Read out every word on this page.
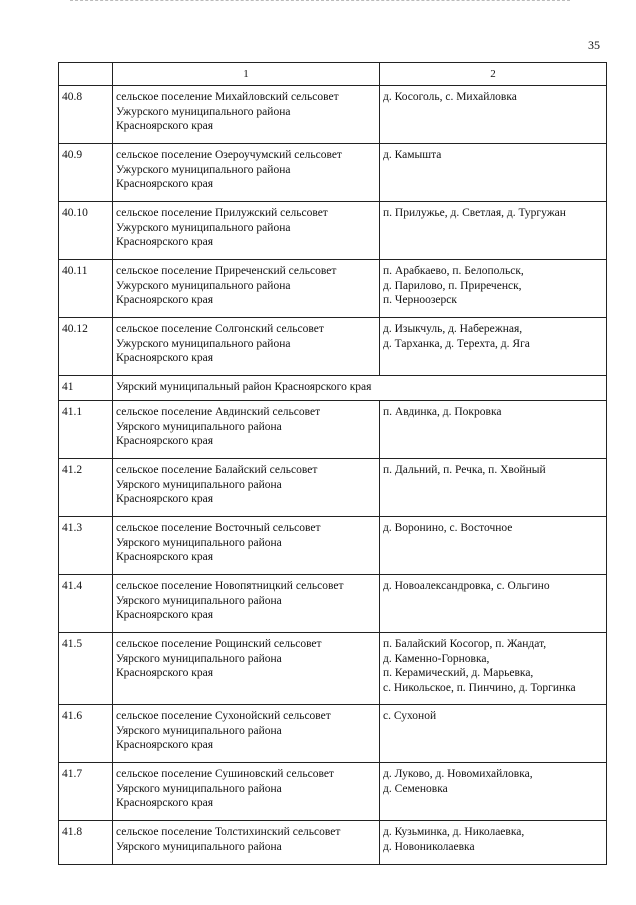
35
	1	2
40.8	сельское поселение Михайловский сельсовет
Ужурского муниципального района
Красноярского края	д. Косоголь, с. Михайловка

40.9	сельское поселение Озероучумский сельсовет
Ужурского муниципального района
Красноярского края	д. Камышта

40.10	сельское поселение Прилужский сельсовет
Ужурского муниципального района
Красноярского края	п. Прилужье, д. Светлая, д. Тургужан

40.11	сельское поселение Приреченский сельсовет
Ужурского муниципального района
Красноярского края	п. Арабкаево, п. Белопольск,
д. Парилово, п. Приреченск,
п. Черноозерск

40.12	сельское поселение Солгонский сельсовет
Ужурского муниципального района
Красноярского края	д. Изыкчуль, д. Набережная,
д. Тарханка, д. Терехта, д. Яга

41	Уярский муниципальный район Красноярского края	
41.1	сельское поселение Авдинский сельсовет
Уярского муниципального района
Красноярского края	п. Авдинка, д. Покровка

41.2	сельское поселение Балайский сельсовет
Уярского муниципального района
Красноярского края	п. Дальний, п. Речка, п. Хвойный

41.3	сельское поселение Восточный сельсовет
Уярского муниципального района
Красноярского края	д. Воронино, с. Восточное

41.4	сельское поселение Новопятницкий сельсовет
Уярского муниципального района
Красноярского края	д. Новоалександровка, с. Ольгино

41.5	сельское поселение Рощинский сельсовет
Уярского муниципального района
Красноярского края	п. Балайский Косогор, п. Жандат,
д. Каменно-Горновка,
п. Керамический, д. Марьевка,
с. Никольское, п. Пинчино, д. Торгинка

41.6	сельское поселение Сухонойский сельсовет
Уярского муниципального района
Красноярского края	с. Сухоной

41.7	сельское поселение Сушиновский сельсовет
Уярского муниципального района
Красноярского края	д. Луково, д. Новомихайловка,
д. Семеновка

41.8	сельское поселение Толстихинский сельсовет
Уярского муниципального района	д. Кузьминка, д. Николаевка,
д. Новониколаевка
